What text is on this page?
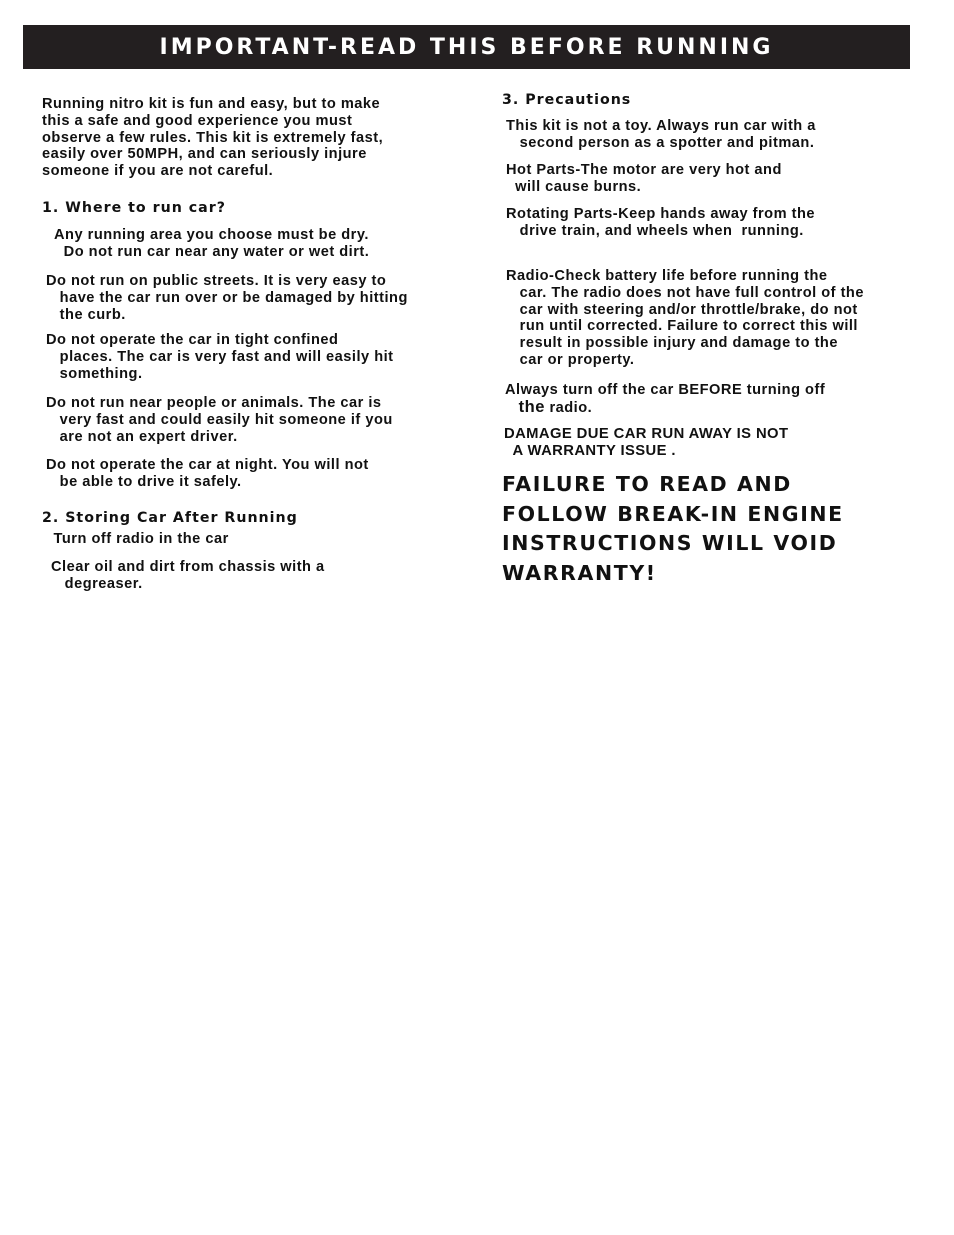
IMPORTANT-READ THIS BEFORE RUNNING

Running nitro kit is fun and easy, but to make
this a safe and good experience you must
observe a few rules. This kit is extremely fast,
easily over 50MPH, and can seriously injure
someone if you are not careful.

1. Where to run car?

Any running area you choose must be dry.
Do not run car near any water or wet dirt.

Do not run on public streets. It is very easy to
have the car run over or be damaged by hitting
the curb.

Do not operate the car in tight confined
places. The car is very fast and will easily hit
something.

Do not run near people or animals. The car is
very fast and could easily hit someone if you
are not an expert driver.

Do not operate the car at night. You will not
be able to drive it safely.

2. Storing Car After Running

Turn off radio in the car

Clear oil and dirt from chassis with a
degreaser.

3. Precautions

This kit is not a toy. Always run car with a
second person as a spotter and pitman.

Hot Parts-The motor are very hot and
will cause burns.

Rotating Parts-Keep hands away from the
drive train, and wheels when  running.

Radio-Check battery life before running the
car. The radio does not have full control of the
car with steering and/or throttle/brake, do not
run until corrected. Failure to correct this will
result in possible injury and damage to the
car or property.

Always turn off the car BEFORE turning off
the radio.

DAMAGE DUE CAR RUN AWAY IS NOT
A WARRANTY ISSUE .

FAILURE TO READ AND
FOLLOW BREAK-IN ENGINE
INSTRUCTIONS WILL VOID
WARRANTY!
